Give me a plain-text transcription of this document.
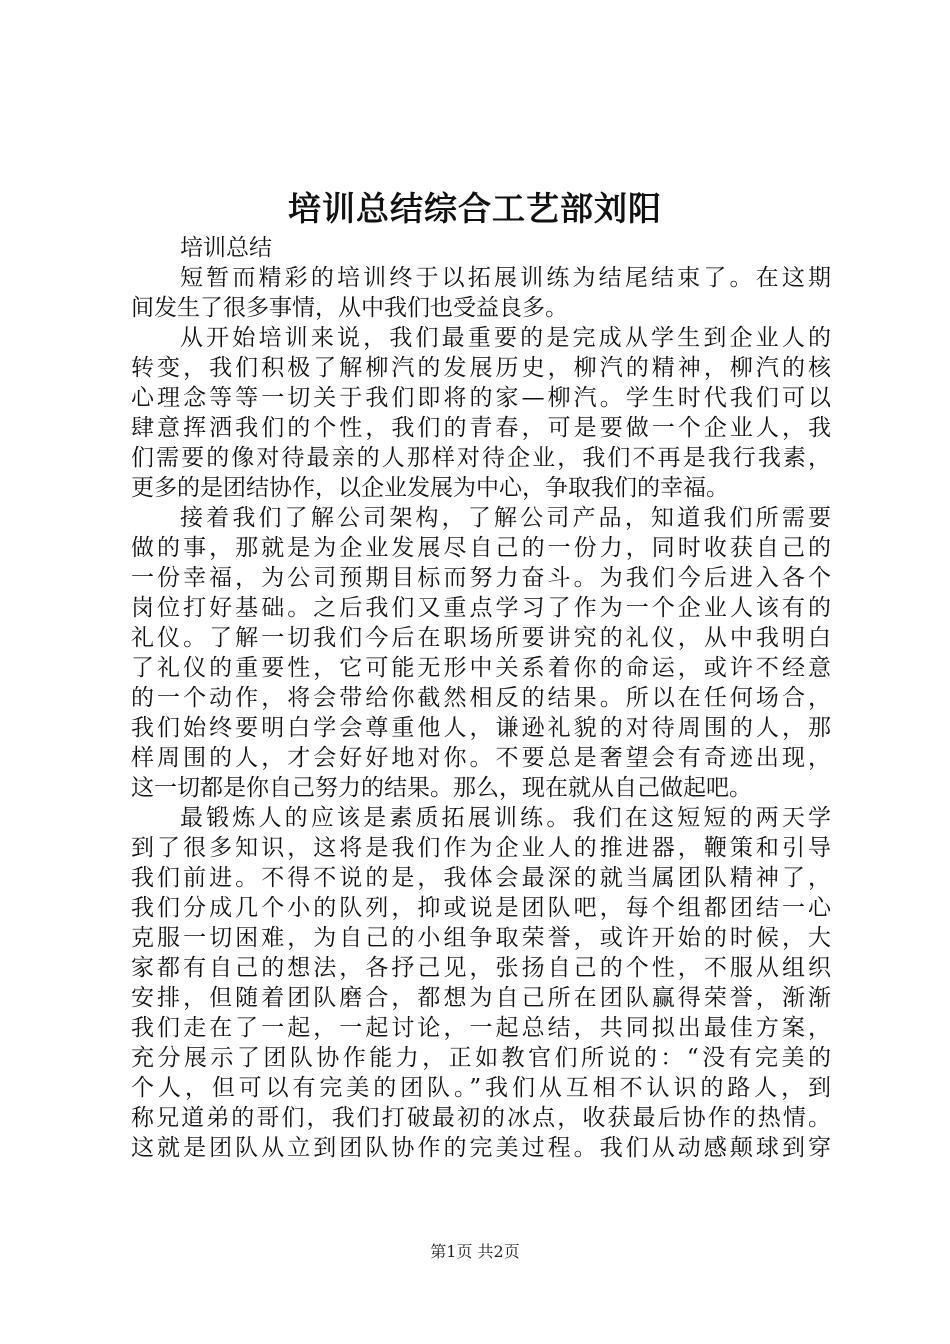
培训总结综合工艺部刘阳
培训总结
短暂而精彩的培训终于以拓展训练为结尾结束了。在这期
间发生了很多事情，从中我们也受益良多。
从开始培训来说，我们最重要的是完成从学生到企业人的
转变，我们积极了解柳汽的发展历史，柳汽的精神，柳汽的核
心理念等等一切关于我们即将的家—柳汽。学生时代我们可以
肆意挥洒我们的个性，我们的青春，可是要做一个企业人，我
们需要的像对待最亲的人那样对待企业，我们不再是我行我素，
更多的是团结协作，以企业发展为中心，争取我们的幸福。
接着我们了解公司架构，了解公司产品，知道我们所需要
做的事，那就是为企业发展尽自己的一份力，同时收获自己的
一份幸福，为公司预期目标而努力奋斗。为我们今后进入各个
岗位打好基础。之后我们又重点学习了作为一个企业人该有的
礼仪。了解一切我们今后在职场所要讲究的礼仪，从中我明白
了礼仪的重要性，它可能无形中关系着你的命运，或许不经意
的一个动作，将会带给你截然相反的结果。所以在任何场合，
我们始终要明白学会尊重他人，谦逊礼貌的对待周围的人，那
样周围的人，才会好好地对你。不要总是奢望会有奇迹出现，
这一切都是你自己努力的结果。那么，现在就从自己做起吧。
最锻炼人的应该是素质拓展训练。我们在这短短的两天学
到了很多知识，这将是我们作为企业人的推进器，鞭策和引导
我们前进。不得不说的是，我体会最深的就当属团队精神了，
我们分成几个小的队列，抑或说是团队吧，每个组都团结一心
克服一切困难，为自己的小组争取荣誉，或许开始的时候，大
家都有自己的想法，各抒己见，张扬自己的个性，不服从组织
安排，但随着团队磨合，都想为自己所在团队赢得荣誉，渐渐
我们走在了一起，一起讨论，一起总结，共同拟出最佳方案，
充分展示了团队协作能力，正如教官们所说的：“没有完美的
个人，但可以有完美的团队。”我们从互相不认识的路人，到
称兄道弟的哥们，我们打破最初的冰点，收获最后协作的热情。
这就是团队从立到团队协作的完美过程。我们从动感颠球到穿
第1页 共2页
